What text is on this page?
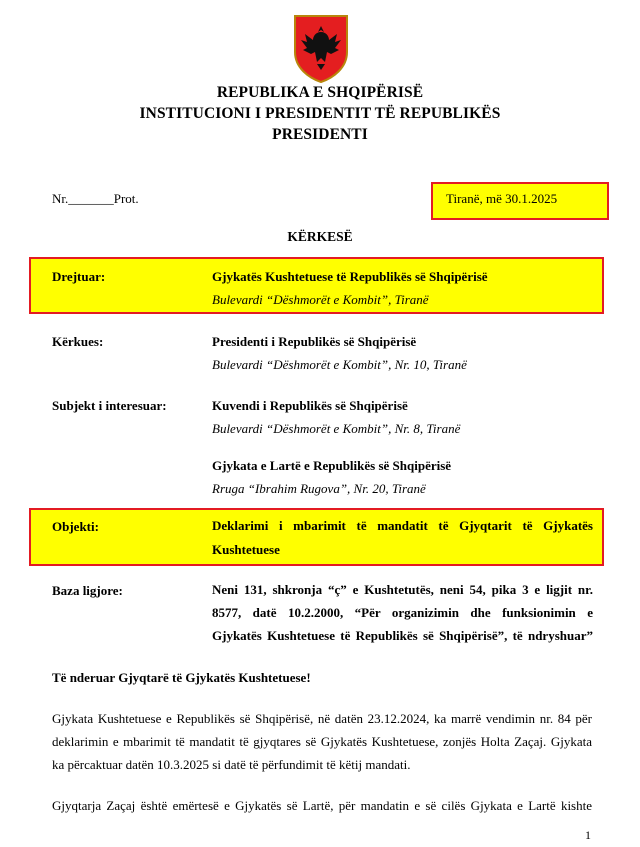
REPUBLIKA E SHQIPËRISË
INSTITUCIONI I PRESIDENTIT TË REPUBLIKËS
PRESIDENTI
Nr._______Prot.	Tiranë, më 30.1.2025
KËRKESË
Drejtuar:	Gjykatës Kushtetuese të Republikës së Shqipërisë
Bulevardi “Dëshmorët e Kombit”, Tiranë
Kërkues:	Presidenti i Republikës së Shqipërisë
Bulevardi “Dëshmorët e Kombit”, Nr. 10, Tiranë
Subjekt i interesuar:	Kuvendi i Republikës së Shqipërisë
Bulevardi “Dëshmorët e Kombit”, Nr. 8, Tiranë
Gjykata e Lartë e Republikës së Shqipërisë
Rruga “Ibrahim Rugova”, Nr. 20, Tiranë
Objekti:	Deklarimi i mbarimit të mandatit të Gjyqtarit të Gjykatës
Kushtetuese
Baza ligjore:	Neni 131, shkronja “ç” e Kushtetutës, neni 54, pika 3 e ligjit nr.
8577, datë 10.2.2000, “Për organizimin dhe funksionimin e
Gjykatës Kushtetuese të Republikës së Shqipërisë”, të ndryshuar”
Të nderuar Gjyqtarë të Gjykatës Kushtetuese!
Gjykata Kushtetuese e Republikës së Shqipërisë, në datën 23.12.2024, ka marrë vendimin nr. 84 për
deklarimin e mbarimit të mandatit të gjyqtares së Gjykatës Kushtetuese, zonjës Holta Zaçaj. Gjykata
ka përcaktuar datën 10.3.2025 si datë të përfundimit të këtij mandati.
Gjyqtarja Zaçaj është emërtesë e Gjykatës së Lartë, për mandatin e së cilës Gjykata e Lartë kishte
1
